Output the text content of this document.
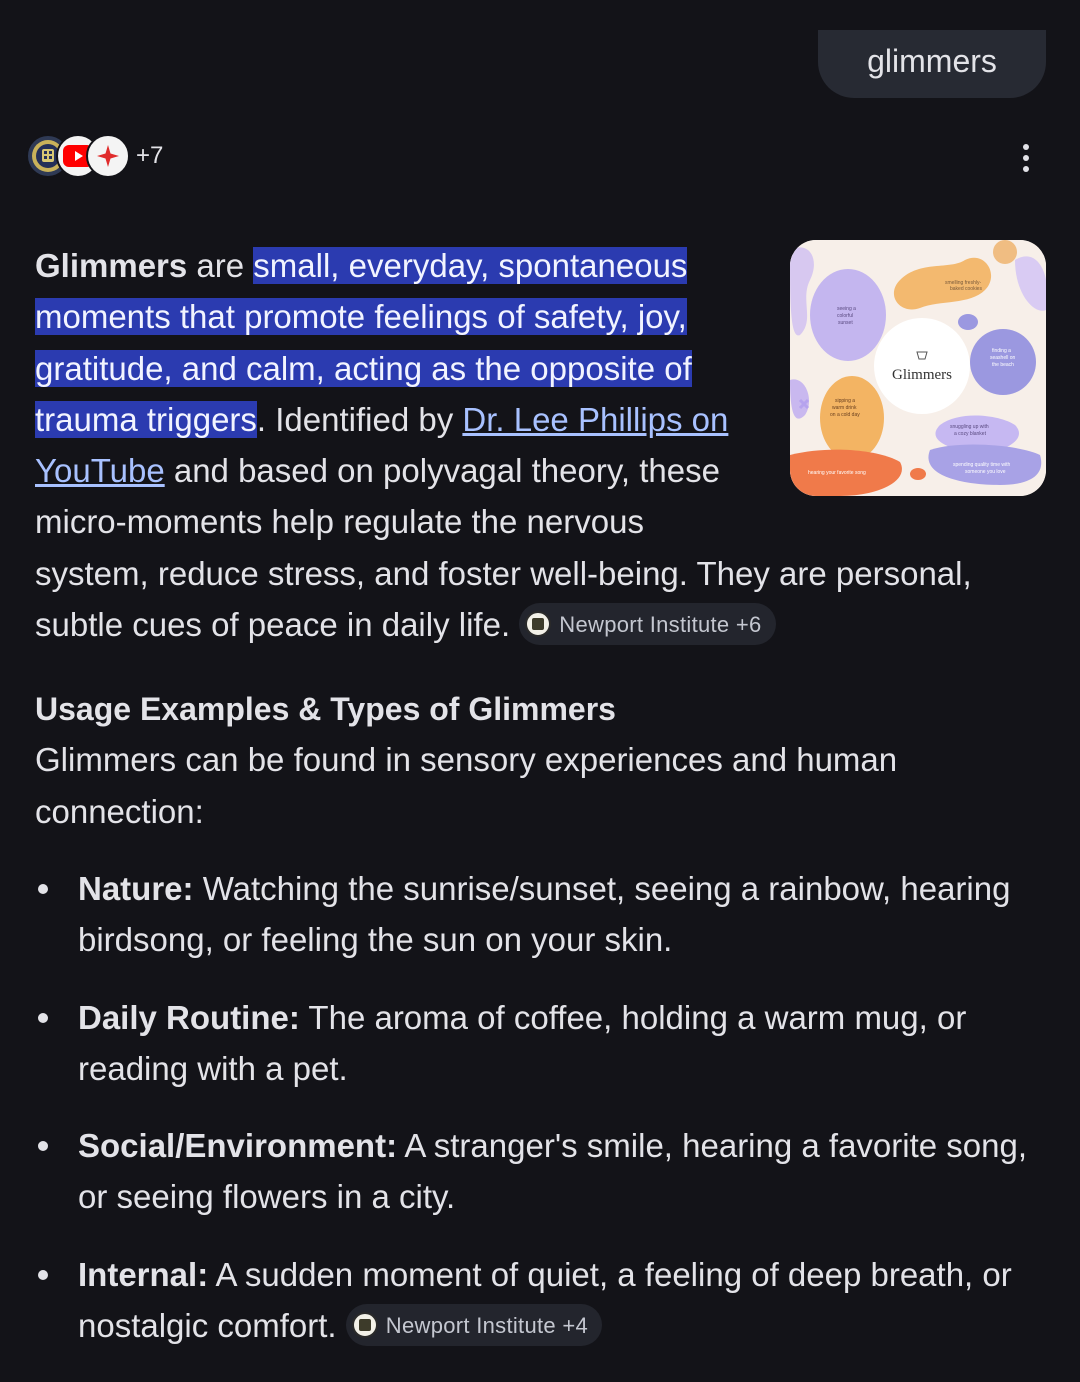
glimmers
+7
Glimmers
smelling freshly-
baked cookies
seeing a
colorful
sunset
finding a
seashell on
the beach
sipping a
warm drink
on a cold day
snuggling up with
a cozy blanket
spending quality time with
someone you love
hearing your favorite song

Glimmers are small, everyday, spontaneous moments that promote feelings of safety, joy, gratitude, and calm, acting as the opposite of trauma triggers. Identified by Dr. Lee Phillips on YouTube and based on polyvagal theory, these micro-moments help regulate the nervous system, reduce stress, and foster well-being. They are personal, subtle cues of peace in daily life. Newport Institute +6

Usage Examples & Types of Glimmers

Glimmers can be found in sensory experiences and human connection:

Nature: Watching the sunrise/sunset, seeing a rainbow, hearing birdsong, or feeling the sun on your skin.
Daily Routine: The aroma of coffee, holding a warm mug, or reading with a pet.
Social/Environment: A stranger's smile, hearing a favorite song, or seeing flowers in a city.
Internal: A sudden moment of quiet, a feeling of deep breath, or nostalgic comfort. Newport Institute +4
